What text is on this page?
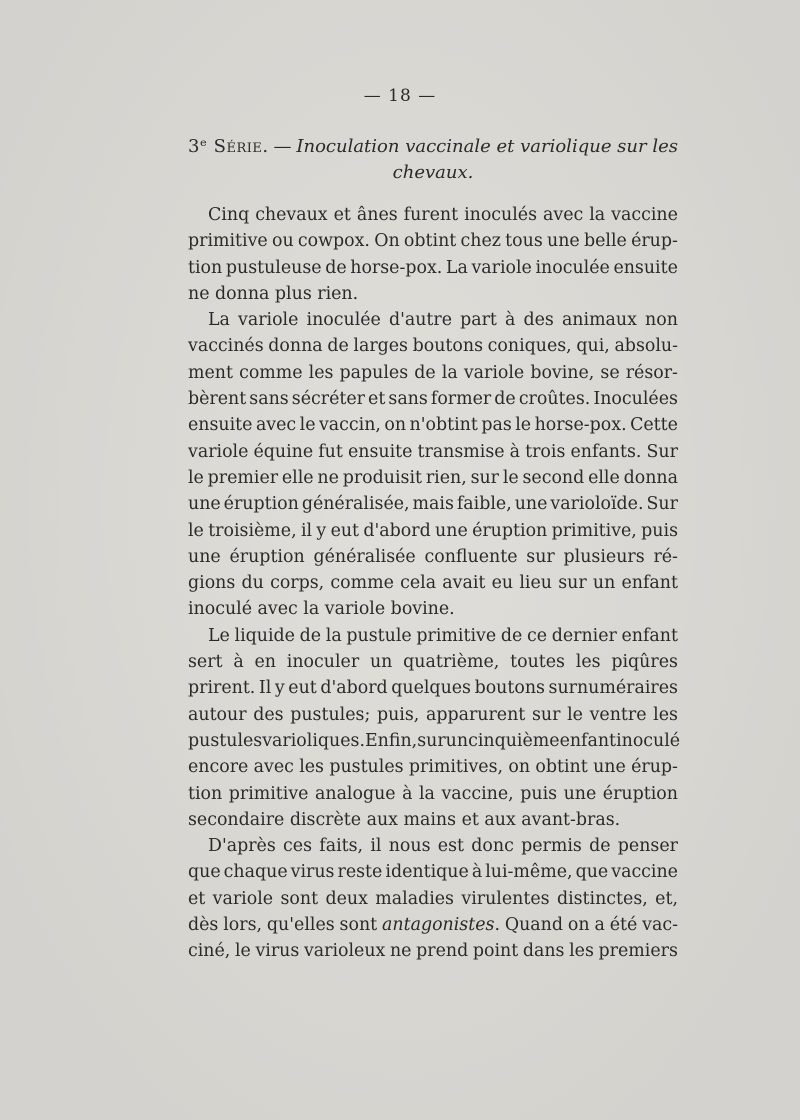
— 18 —
3ᵉ Série. — Inoculation vaccinale et variolique sur les
chevaux.
Cinq chevaux et ânes furent inoculés avec la vaccine
primitive ou cowpox. On obtint chez tous une belle érup-
tion pustuleuse de horse-pox. La variole inoculée ensuite
ne donna plus rien.
La variole inoculée d'autre part à des animaux non
vaccinés donna de larges boutons coniques, qui, absolu-
ment comme les papules de la variole bovine, se résor-
bèrent sans sécréter et sans former de croûtes. Inoculées
ensuite avec le vaccin, on n'obtint pas le horse-pox. Cette
variole équine fut ensuite transmise à trois enfants. Sur
le premier elle ne produisit rien, sur le second elle donna
une éruption généralisée, mais faible, une varioloïde. Sur
le troisième, il y eut d'abord une éruption primitive, puis
une éruption généralisée confluente sur plusieurs ré-
gions du corps, comme cela avait eu lieu sur un enfant
inoculé avec la variole bovine.
Le liquide de la pustule primitive de ce dernier enfant
sert à en inoculer un quatrième, toutes les piqûres
prirent. Il y eut d'abord quelques boutons surnuméraires
autour des pustules; puis, apparurent sur le ventre les
pustules varioliques. Enfin, sur un cinquième enfant inoculé
encore avec les pustules primitives, on obtint une érup-
tion primitive analogue à la vaccine, puis une éruption
secondaire discrète aux mains et aux avant-bras.
D'après ces faits, il nous est donc permis de penser
que chaque virus reste identique à lui-même, que vaccine
et variole sont deux maladies virulentes distinctes, et,
dès lors, qu'elles sont antagonistes. Quand on a été vac-
ciné, le virus varioleux ne prend point dans les premiers
